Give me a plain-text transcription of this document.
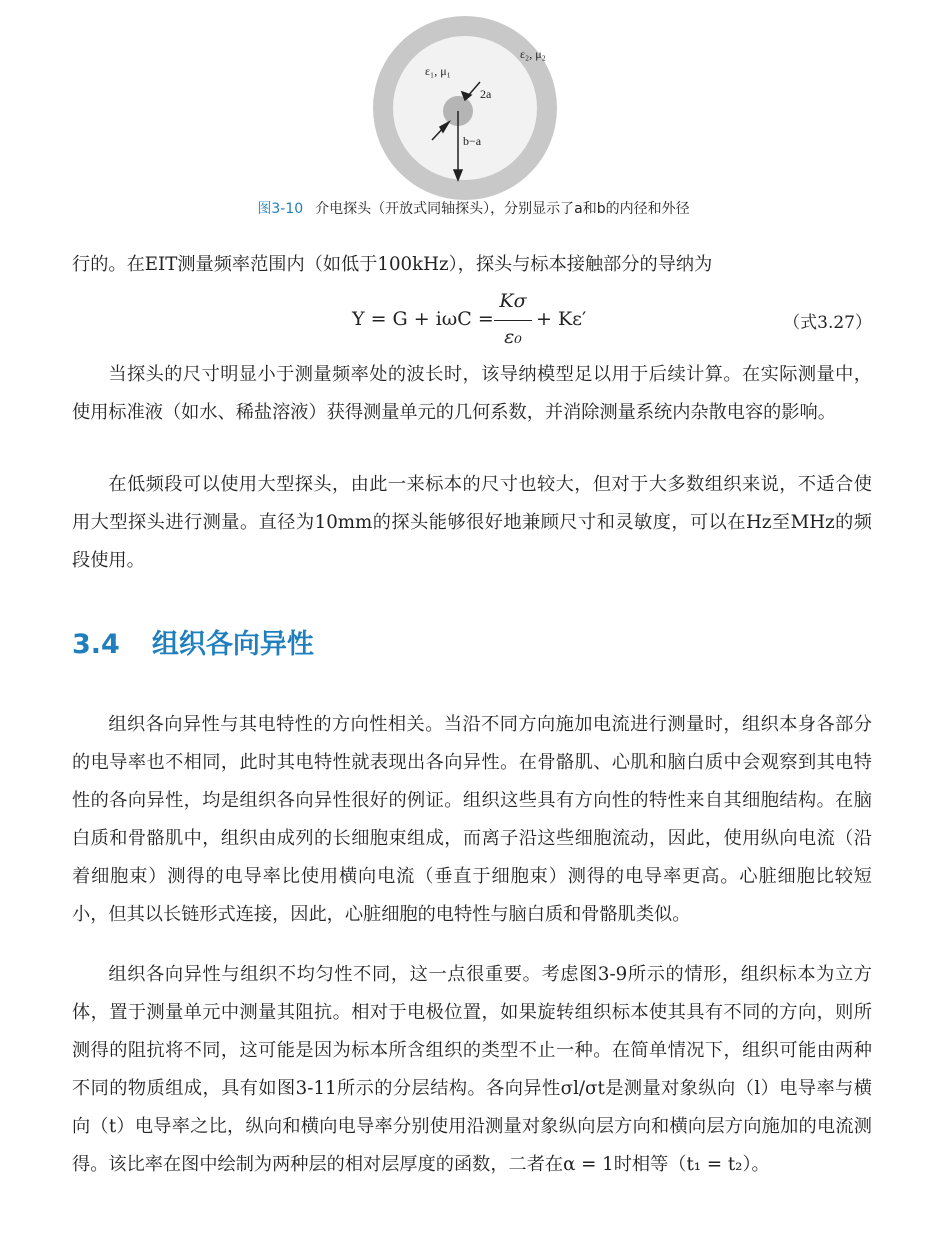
ε₂, μ₂
ε₁, μ₁
2a
b−a
图3-10 介电探头（开放式同轴探头），分别显示了a和b的内径和外径

行的。在EIT测量频率范围内（如低于100kHz），探头与标本接触部分的导纳为

Y = G + iωC =
Kσ
ε₀
+ Kε′	（式3.27）

当探头的尺寸明显小于测量频率处的波长时，该导纳模型足以用于后续计算。在实际测量中，使用标准液（如水、稀盐溶液）获得测量单元的几何系数，并消除测量系统内杂散电容的影响。

在低频段可以使用大型探头，由此一来标本的尺寸也较大，但对于大多数组织来说，不适合使用大型探头进行测量。直径为10mm的探头能够很好地兼顾尺寸和灵敏度，可以在Hz至MHz的频段使用。

3.4 组织各向异性

组织各向异性与其电特性的方向性相关。当沿不同方向施加电流进行测量时，组织本身各部分的电导率也不相同，此时其电特性就表现出各向异性。在骨骼肌、心肌和脑白质中会观察到其电特性的各向异性，均是组织各向异性很好的例证。组织这些具有方向性的特性来自其细胞结构。在脑白质和骨骼肌中，组织由成列的长细胞束组成，而离子沿这些细胞流动，因此，使用纵向电流（沿着细胞束）测得的电导率比使用横向电流（垂直于细胞束）测得的电导率更高。心脏细胞比较短小，但其以长链形式连接，因此，心脏细胞的电特性与脑白质和骨骼肌类似。

组织各向异性与组织不均匀性不同，这一点很重要。考虑图3-9所示的情形，组织标本为立方体，置于测量单元中测量其阻抗。相对于电极位置，如果旋转组织标本使其具有不同的方向，则所测得的阻抗将不同，这可能是因为标本所含组织的类型不止一种。在简单情况下，组织可能由两种不同的物质组成，具有如图3-11所示的分层结构。各向异性σl/σt是测量对象纵向（l）电导率与横向（t）电导率之比，纵向和横向电导率分别使用沿测量对象纵向层方向和横向层方向施加的电流测得。该比率在图中绘制为两种层的相对层厚度的函数，二者在α = 1时相等（t₁ = t₂）。
